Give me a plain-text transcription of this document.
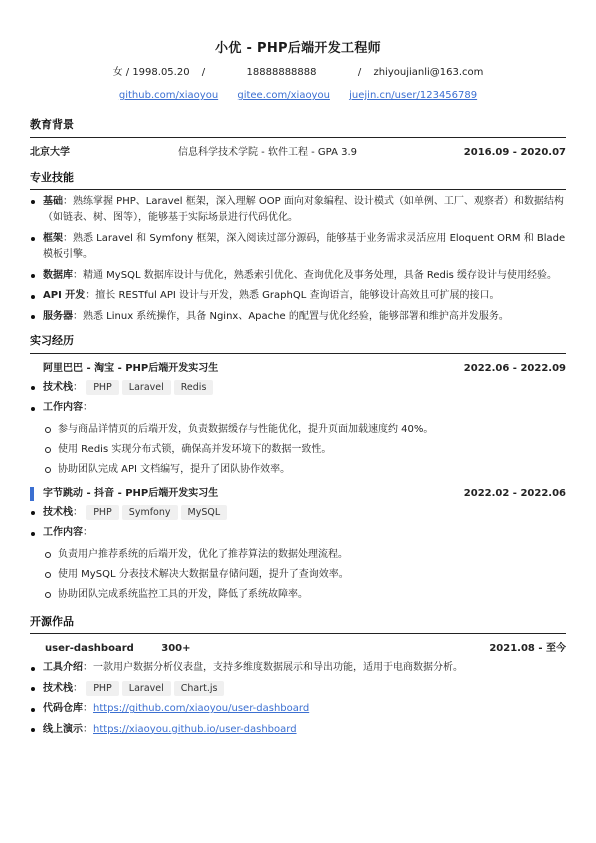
小优 - PHP后端开发工程师
女 / 1998.05.20 /	18888888888	/ zhiyoujianli@163.com
github.com/xiaoyou gitee.com/xiaoyou juejin.cn/user/123456789
教育背景
北京大学	信息科学技术学院 - 软件工程 - GPA 3.9	2016.09 - 2020.07
专业技能
基础：熟练掌握 PHP、Laravel 框架，深入理解 OOP 面向对象编程、设计模式（如单例、工厂、观察者）和数据结构（如链表、树、图等），能够基于实际场景进行代码优化。
框架：熟悉 Laravel 和 Symfony 框架，深入阅读过部分源码，能够基于业务需求灵活应用 Eloquent ORM 和 Blade 模板引擎。
数据库：精通 MySQL 数据库设计与优化，熟悉索引优化、查询优化及事务处理，具备 Redis 缓存设计与使用经验。
API 开发：擅长 RESTful API 设计与开发，熟悉 GraphQL 查询语言，能够设计高效且可扩展的接口。
服务器：熟悉 Linux 系统操作，具备 Nginx、Apache 的配置与优化经验，能够部署和维护高并发服务。
实习经历
阿里巴巴 - 淘宝 - PHP后端开发实习生	2022.06 - 2022.09
技术栈： PHP Laravel Redis
工作内容：
参与商品详情页的后端开发，负责数据缓存与性能优化，提升页面加载速度约 40%。
使用 Redis 实现分布式锁，确保高并发环境下的数据一致性。
协助团队完成 API 文档编写，提升了团队协作效率。
字节跳动 - 抖音 - PHP后端开发实习生	2022.02 - 2022.06
技术栈： PHP Symfony MySQL
工作内容：
负责用户推荐系统的后端开发，优化了推荐算法的数据处理流程。
使用 MySQL 分表技术解决大数据量存储问题，提升了查询效率。
协助团队完成系统监控工具的开发，降低了系统故障率。
开源作品
user-dashboard	300+	2021.08 - 至今
工具介绍：一款用户数据分析仪表盘，支持多维度数据展示和导出功能，适用于电商数据分析。
技术栈： PHP Laravel Chart.js
代码仓库：https://github.com/xiaoyou/user-dashboard
线上演示：https://xiaoyou.github.io/user-dashboard
